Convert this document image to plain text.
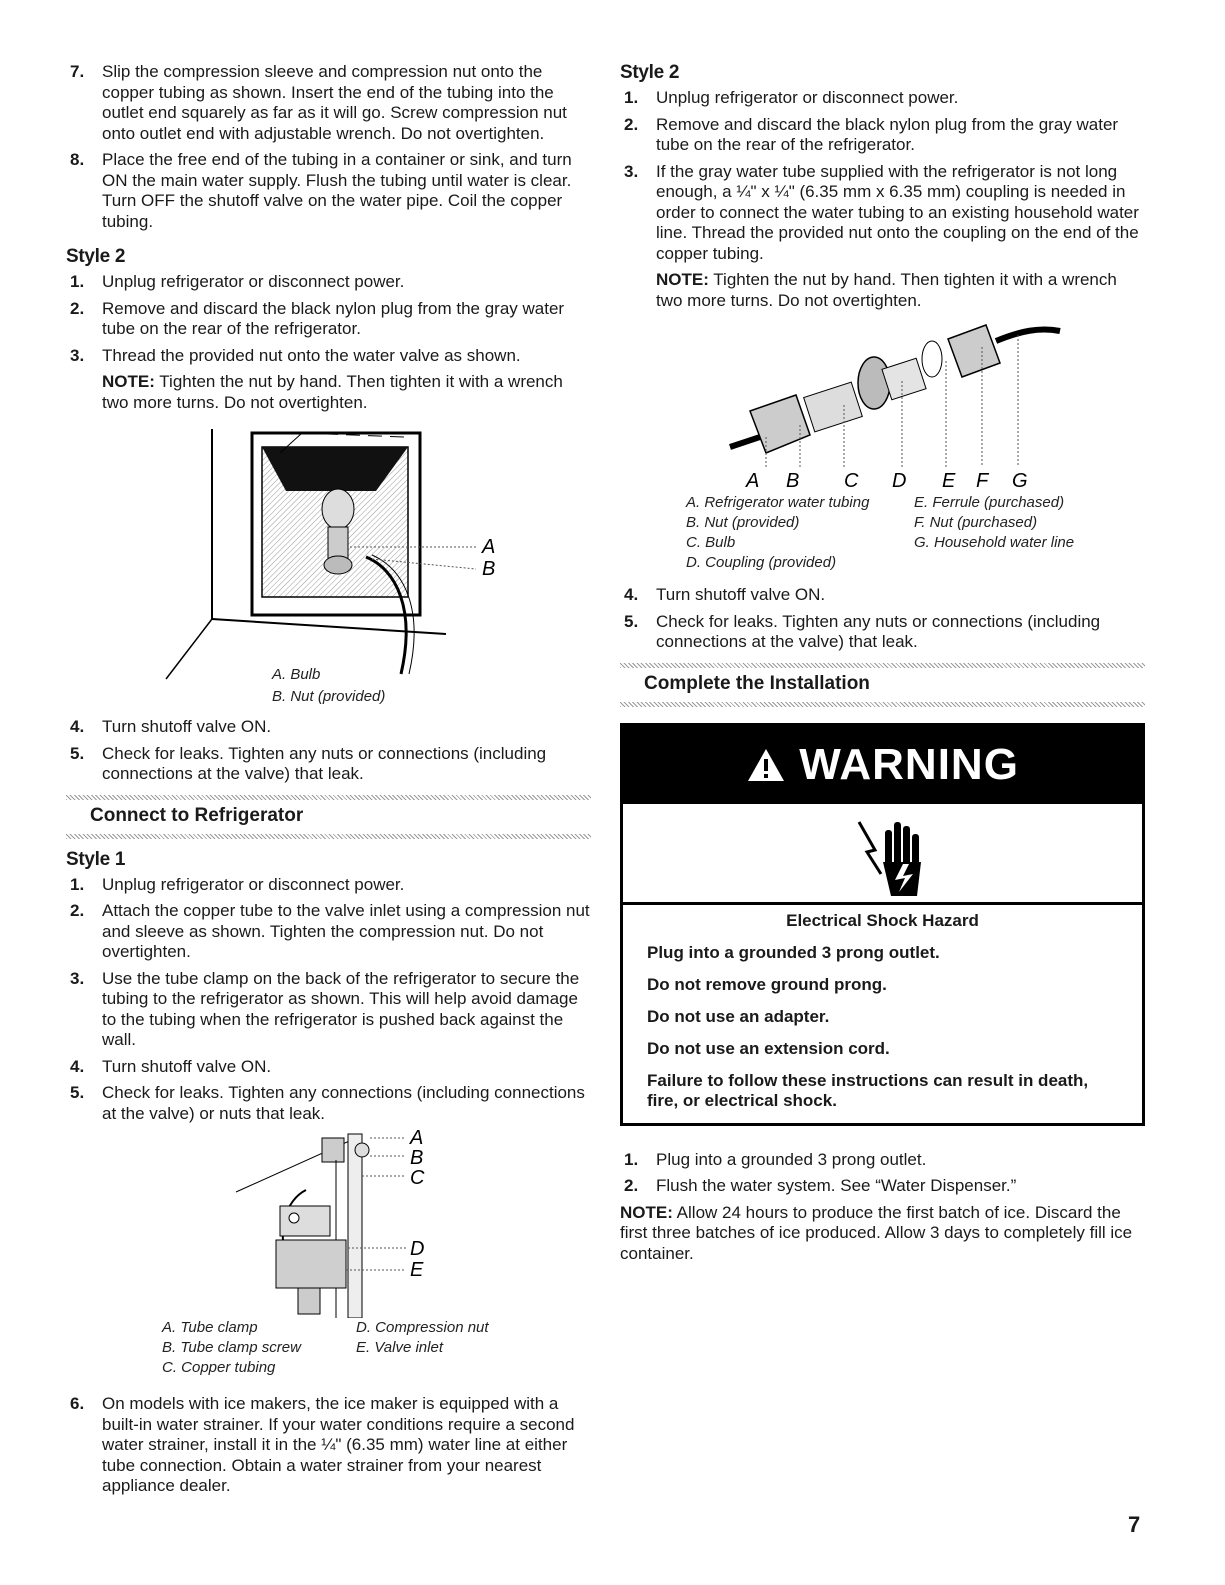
7. Slip the compression sleeve and compression nut onto the copper tubing as shown. Insert the end of the tubing into the outlet end squarely as far as it will go. Screw compression nut onto outlet end with adjustable wrench. Do not overtighten.
8. Place the free end of the tubing in a container or sink, and turn ON the main water supply. Flush the tubing until water is clear. Turn OFF the shutoff valve on the water pipe. Coil the copper tubing.
Style 2
1. Unplug refrigerator or disconnect power.
2. Remove and discard the black nylon plug from the gray water tube on the rear of the refrigerator.
3. Thread the provided nut onto the water valve as shown.
NOTE: Tighten the nut by hand. Then tighten it with a wrench two more turns. Do not overtighten.
A
B
A. Bulb
B. Nut (provided)
4. Turn shutoff valve ON.
5. Check for leaks. Tighten any nuts or connections (including connections at the valve) that leak.
Connect to Refrigerator
Style 1
1. Unplug refrigerator or disconnect power.
2. Attach the copper tube to the valve inlet using a compression nut and sleeve as shown. Tighten the compression nut. Do not overtighten.
3. Use the tube clamp on the back of the refrigerator to secure the tubing to the refrigerator as shown. This will help avoid damage to the tubing when the refrigerator is pushed back against the wall.
4. Turn shutoff valve ON.
5. Check for leaks. Tighten any connections (including connections at the valve) or nuts that leak.
A
B
C
D
E
A. Tube clamp
B. Tube clamp screw
C. Copper tubing
D. Compression nut
E. Valve inlet
6. On models with ice makers, the ice maker is equipped with a built-in water strainer. If your water conditions require a second water strainer, install it in the ¼" (6.35 mm) water line at either tube connection. Obtain a water strainer from your nearest appliance dealer.
Style 2
1. Unplug refrigerator or disconnect power.
2. Remove and discard the black nylon plug from the gray water tube on the rear of the refrigerator.
3. If the gray water tube supplied with the refrigerator is not long enough, a ¼" x ¼" (6.35 mm x 6.35 mm) coupling is needed in order to connect the water tubing to an existing household water line. Thread the provided nut onto the coupling on the end of the copper tubing.
NOTE: Tighten the nut by hand. Then tighten it with a wrench two more turns. Do not overtighten.
A B C D E F G
A. Refrigerator water tubing
B. Nut (provided)
C. Bulb
D. Coupling (provided)
E. Ferrule (purchased)
F. Nut (purchased)
G. Household water line
4. Turn shutoff valve ON.
5. Check for leaks. Tighten any nuts or connections (including connections at the valve) that leak.
Complete the Installation
WARNING
Electrical Shock Hazard
Plug into a grounded 3 prong outlet.
Do not remove ground prong.
Do not use an adapter.
Do not use an extension cord.
Failure to follow these instructions can result in death, fire, or electrical shock.
1. Plug into a grounded 3 prong outlet.
2. Flush the water system. See “Water Dispenser.”
NOTE: Allow 24 hours to produce the first batch of ice. Discard the first three batches of ice produced. Allow 3 days to completely fill ice container.
7
